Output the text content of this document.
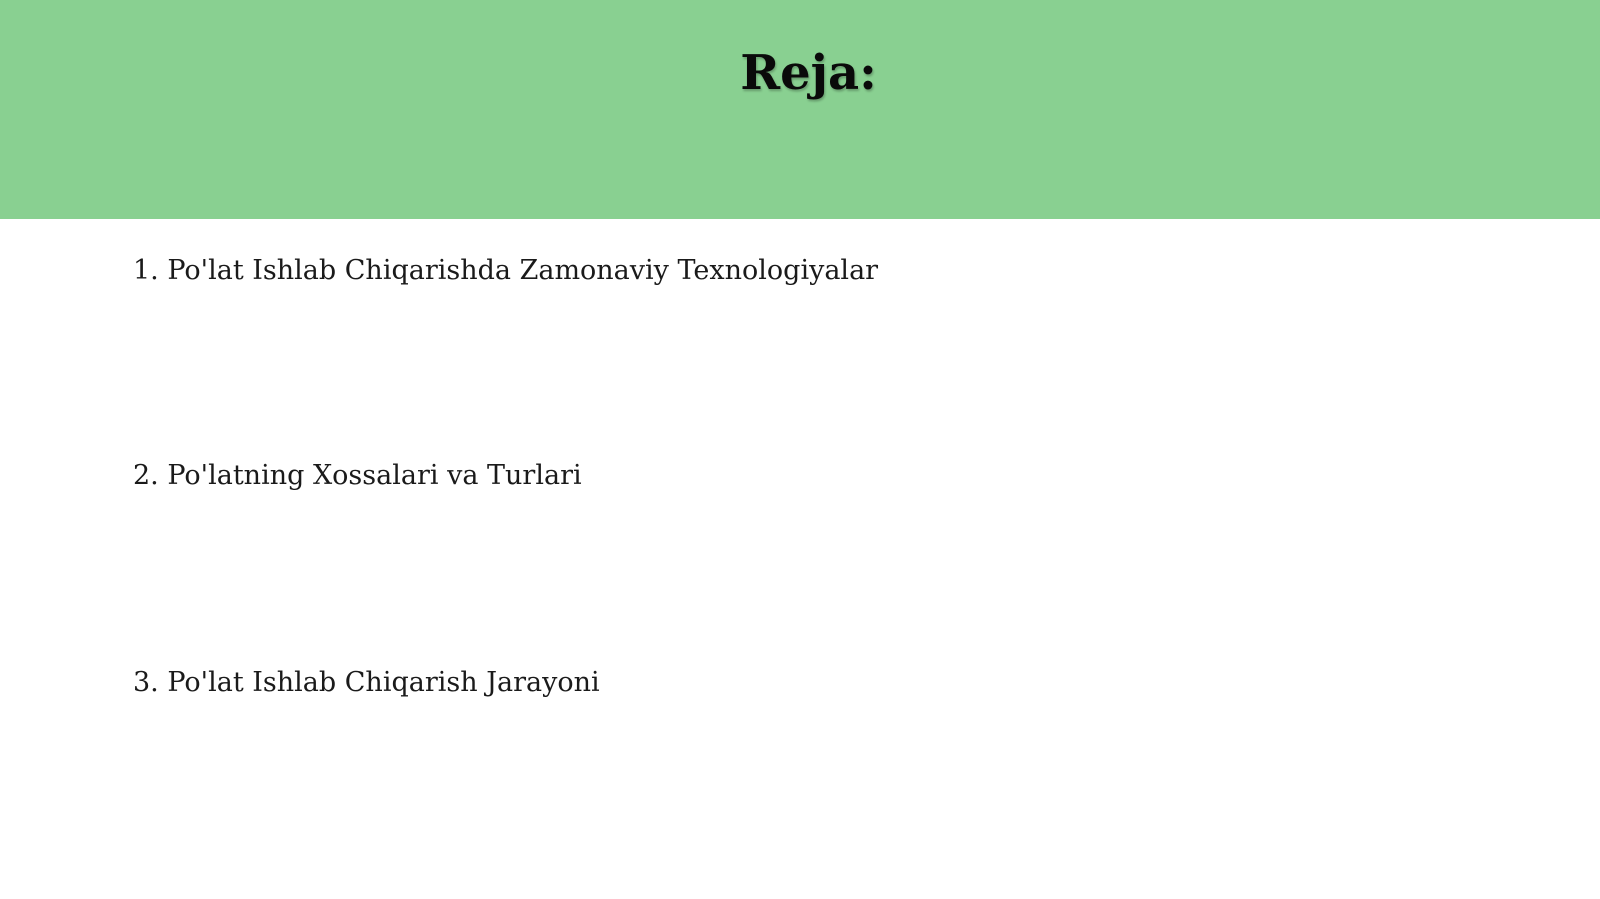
Reja:

1. Po'lat Ishlab Chiqarishda Zamonaviy Texnologiyalar

2. Po'latning Xossalari va Turlari

3. Po'lat Ishlab Chiqarish Jarayoni
